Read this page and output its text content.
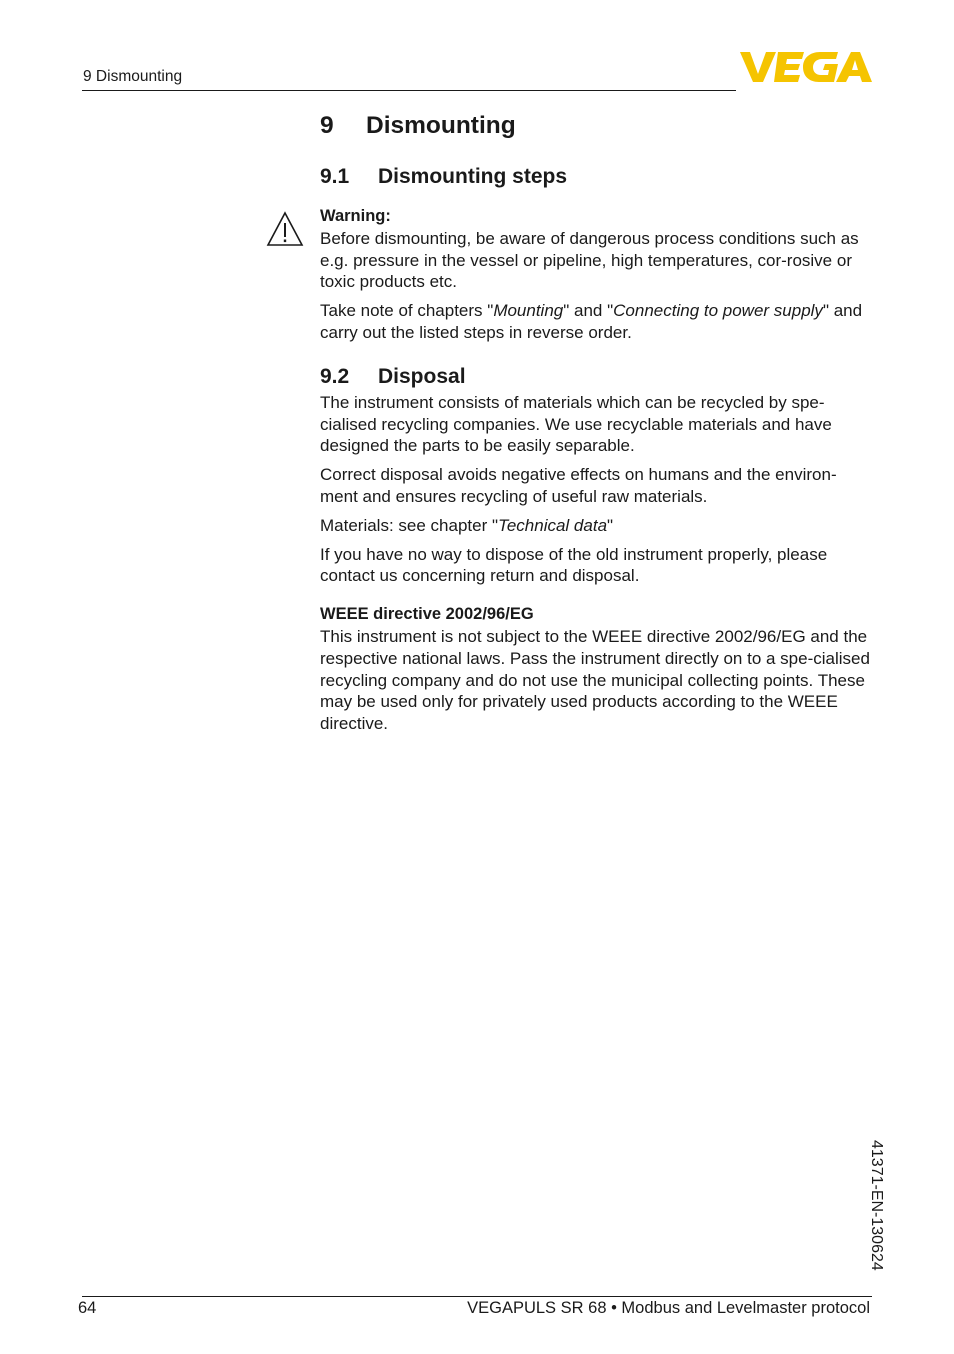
9 Dismounting
9 Dismounting
9.1 Dismounting steps
Warning:

Before dismounting, be aware of dangerous process conditions such as e.g. pressure in the vessel or pipeline, high temperatures, cor-rosive or toxic products etc.

Take note of chapters "Mounting" and "Connecting to power supply" and carry out the listed steps in reverse order.

9.2 Disposal

The instrument consists of materials which can be recycled by spe-cialised recycling companies. We use recyclable materials and have designed the parts to be easily separable.

Correct disposal avoids negative effects on humans and the environ-ment and ensures recycling of useful raw materials.

Materials: see chapter "Technical data"

If you have no way to dispose of the old instrument properly, please contact us concerning return and disposal.

WEEE directive 2002/96/EG

This instrument is not subject to the WEEE directive 2002/96/EG and the respective national laws. Pass the instrument directly on to a spe-cialised recycling company and do not use the municipal collecting points. These may be used only for privately used products according to the WEEE directive.

41371-EN-130624
64	VEGAPULS SR 68 • Modbus and Levelmaster protocol
